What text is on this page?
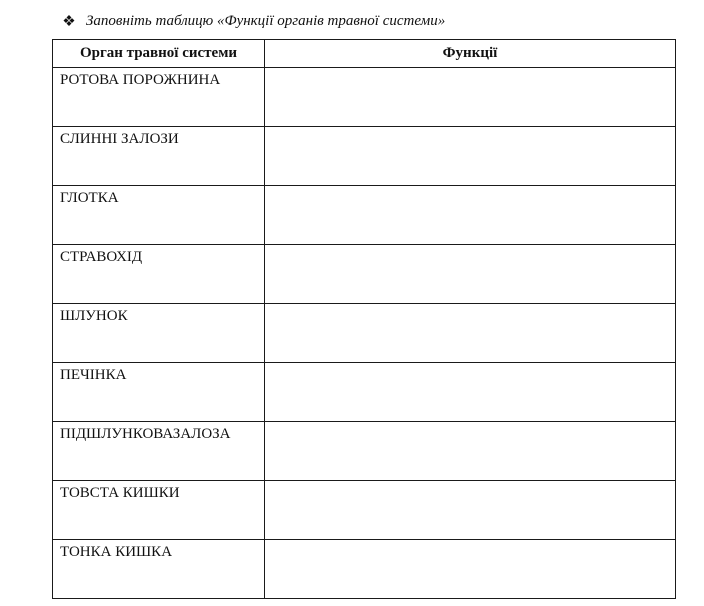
❖ Заповніть таблицю «Функції органів травної системи»
Орган травної системи	Функції
РОТОВА ПОРОЖНИНА	
СЛИННІ ЗАЛОЗИ	
ГЛОТКА	
СТРАВОХІД	
ШЛУНОК	
ПЕЧІНКА	
ПІДШЛУНКОВАЗАЛОЗА	
ТОВСТА КИШКИ	
ТОНКА КИШКА	
